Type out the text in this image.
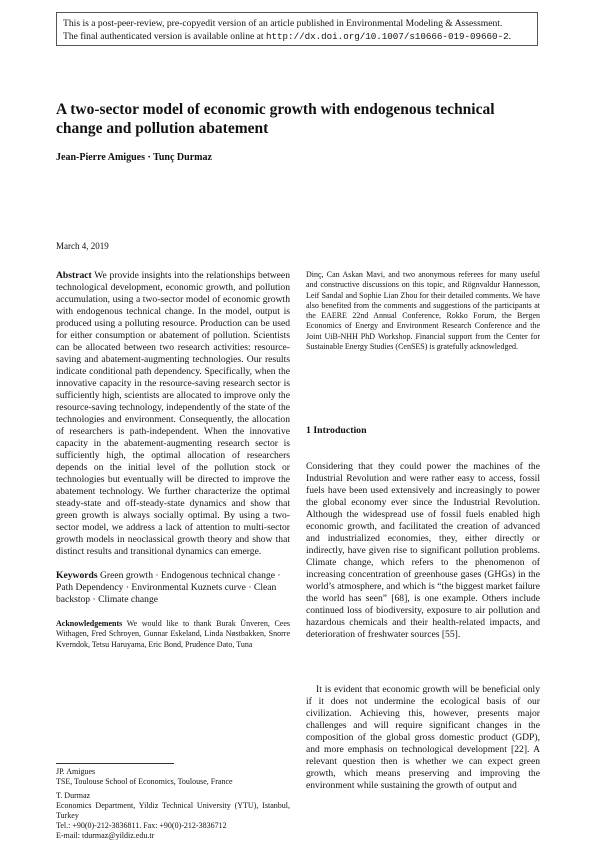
This is a post-peer-review, pre-copyedit version of an article published in Environmental Modeling & Assessment.
The final authenticated version is available online at http://dx.doi.org/10.1007/s10666-019-09660-2.
A two-sector model of economic growth with endogenous technical change and pollution abatement
Jean-Pierre Amigues · Tunç Durmaz
March 4, 2019

Abstract We provide insights into the relationships between technological development, economic growth, and pollution accumulation, using a two-sector model of economic growth with endogenous technical change. In the model, output is produced using a polluting resource. Production can be used for either consumption or abatement of pollution. Scientists can be allocated between two research activities: resource-saving and abatement-augmenting technologies. Our results indicate conditional path dependency. Specifically, when the innovative capacity in the resource-saving research sector is sufficiently high, scientists are allocated to improve only the resource-saving technology, independently of the state of the technologies and environment. Consequently, the allocation of researchers is path-independent. When the innovative capacity in the abatement-augmenting research sector is sufficiently high, the optimal allocation of researchers depends on the initial level of the pollution stock or technologies but eventually will be directed to improve the abatement technology. We further characterize the optimal steady-state and off-steady-state dynamics and show that green growth is always socially optimal. By using a two-sector model, we address a lack of attention to multi-sector growth models in neoclassical growth theory and show that distinct results and transitional dynamics can emerge.

Keywords Green growth · Endogenous technical change · Path Dependency · Environmental Kuznets curve · Clean backstop · Climate change

Acknowledgements We would like to thank Burak Ünveren, Cees Withagen, Fred Schroyen, Gunnar Eskeland, Linda Nøstbakken, Snorre Kverndok, Tetsu Haruyama, Eric Bond, Prudence Dato, Tuna

JP. Amigues

TSE, Toulouse School of Economics, Toulouse, France

T. Durmaz

Economics Department, Yildiz Technical University (YTU), Istanbul, Turkey

Tel.: +90(0)-212-3836811. Fax: +90(0)-212-3836712

E-mail: tdurmaz@yildiz.edu.tr

Dinç, Can Askan Mavi, and two anonymous referees for many useful and constructive discussions on this topic, and Rögnvaldur Hannesson, Leif Sandal and Sophie Lian Zhou for their detailed comments. We have also benefited from the comments and suggestions of the participants at the EAERE 22nd Annual Conference, Rokko Forum, the Bergen Economics of Energy and Environment Research Conference and the Joint UiB-NHH PhD Workshop. Financial support from the Center for Sustainable Energy Studies (CenSES) is gratefully acknowledged.

1 Introduction

Considering that they could power the machines of the Industrial Revolution and were rather easy to access, fossil fuels have been used extensively and increasingly to power the global economy ever since the Industrial Revolution. Although the widespread use of fossil fuels enabled high economic growth, and facilitated the creation of advanced and industrialized economies, they, either directly or indirectly, have given rise to significant pollution problems. Climate change, which refers to the phenomenon of increasing concentration of greenhouse gases (GHGs) in the world’s atmosphere, and which is “the biggest market failure the world has seen” [68], is one example. Others include continued loss of biodiversity, exposure to air pollution and hazardous chemicals and their health-related impacts, and deterioration of freshwater sources [55].

It is evident that economic growth will be beneficial only if it does not undermine the ecological basis of our civilization. Achieving this, however, presents major challenges and will require significant changes in the composition of the global gross domestic product (GDP), and more emphasis on technological development [22]. A relevant question then is whether we can expect green growth, which means preserving and improving the environment while sustaining the growth of output and
